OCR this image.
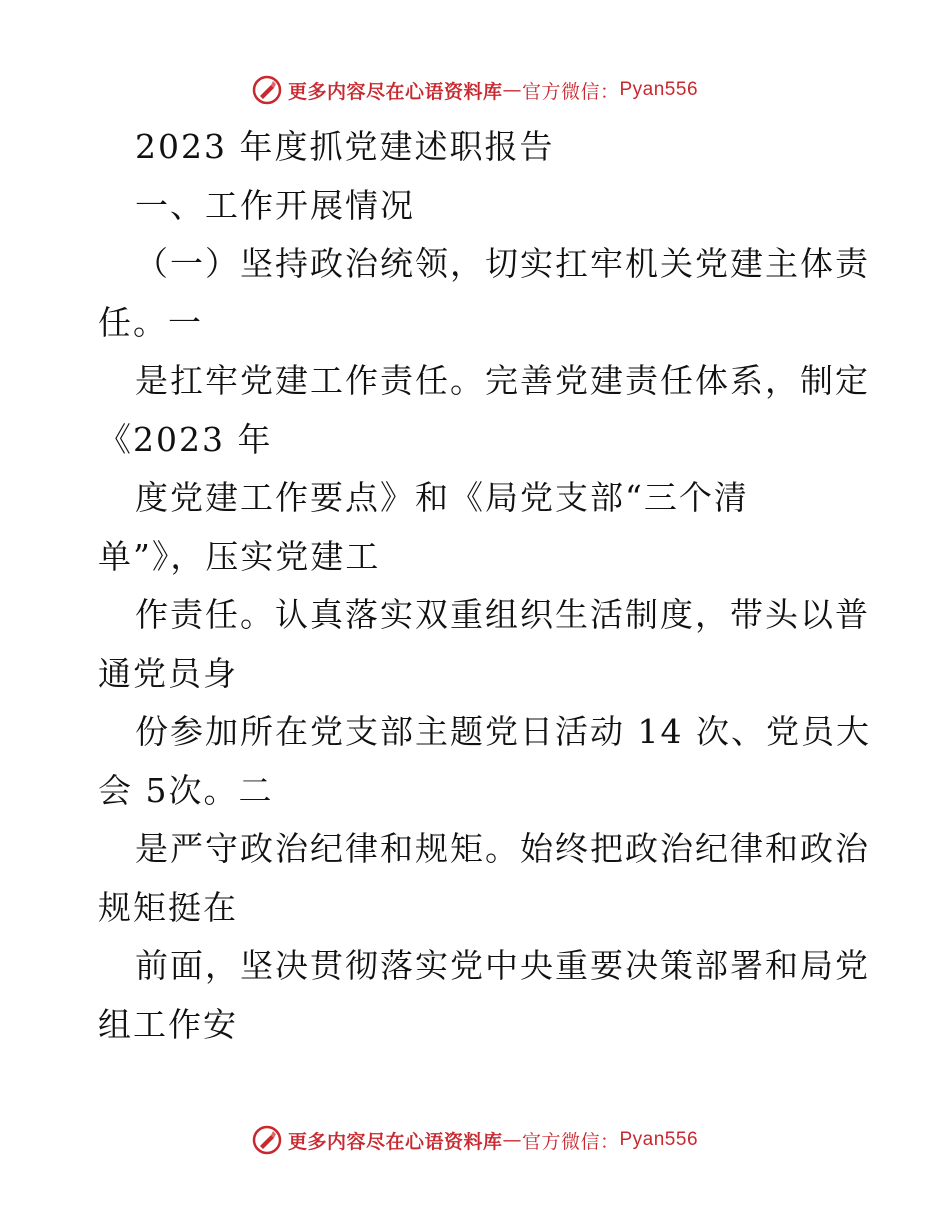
更多内容尽在心语资料库 — 官方微信： Pyan556
2023 年度抓党建述职报告
一、工作开展情况
（一）坚持政治统领，切实扛牢机关党建主体责
任。一
是扛牢党建工作责任。完善党建责任体系，制定
《2023 年
度党建工作要点》和《局党支部“三个清
单”》，压实党建工
作责任。认真落实双重组织生活制度，带头以普
通党员身
份参加所在党支部主题党日活动 14 次、党员大
会 5次。二
是严守政治纪律和规矩。始终把政治纪律和政治
规矩挺在
前面，坚决贯彻落实党中央重要决策部署和局党
组工作安
更多内容尽在心语资料库 — 官方微信： Pyan556
